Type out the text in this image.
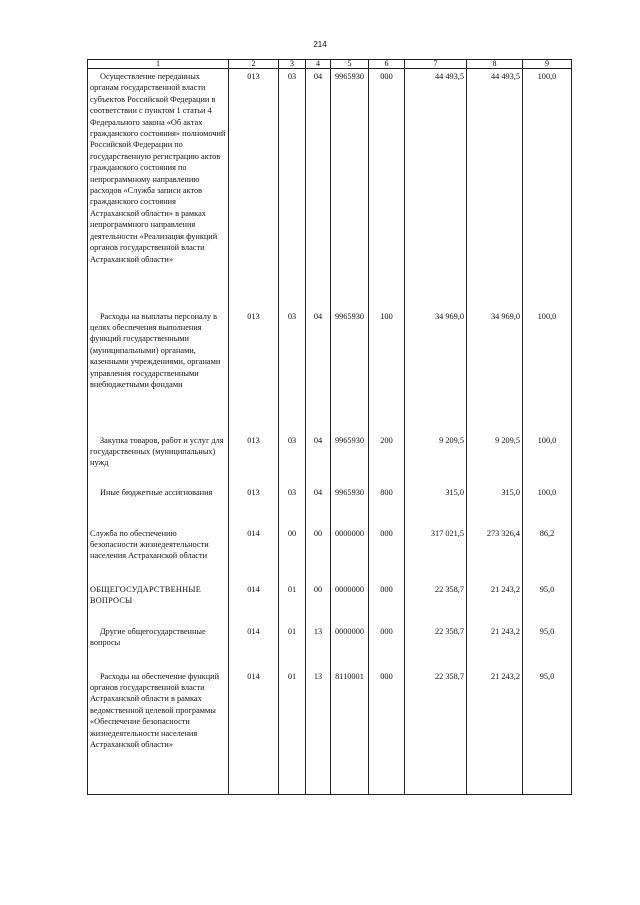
214
1	2	3	4	5	6	7	8	9
Осуществление переданных органам государственной власти субъектов Российской Федерации в соответствии с пунктом 1 статьи 4 Федерального закона «Об актах гражданского состояния» полномочий Российской Федерации по государственную регистрацию актов гражданского состояния по непрограммному направлению расходов «Служба записи актов гражданского состояния Астраханской области» в рамках непрограммного направления деятельности «Реализация функций органов государственной власти Астраханской области»	013	03	04	9965930	000	44 493,5	44 493,5	100,0
Расходы на выплаты персоналу в целях обеспечения выполнения функций государственными (муниципальными) органами, казенными учреждениями, органами управления государственными внебюджетными фондами	013	03	04	9965930	100	34 969,0	34 969,0	100,0
Закупка товаров, работ и услуг для государственных (муниципальных) нужд	013	03	04	9965930	200	9 209,5	9 209,5	100,0
Иные бюджетные ассигнования	013	03	04	9965930	800	315,0	315,0	100,0
Служба по обеспечению безопасности жизнедеятельности населения Астраханской области	014	00	00	0000000	000	317 021,5	273 326,4	86,2
ОБЩЕГОСУДАРСТВЕННЫЕ ВОПРОСЫ	014	01	00	0000000	000	22 358,7	21 243,2	95,0
Другие общегосударственные вопросы	014	01	13	0000000	000	22 358,7	21 243,2	95,0
Расходы на обеспечение функций органов государственной власти Астраханской области в рамках ведомственной целевой программы «Обеспечение безопасности жизнедеятельности населения Астраханской области»	014	01	13	8110001	000	22 358,7	21 243,2	95,0
